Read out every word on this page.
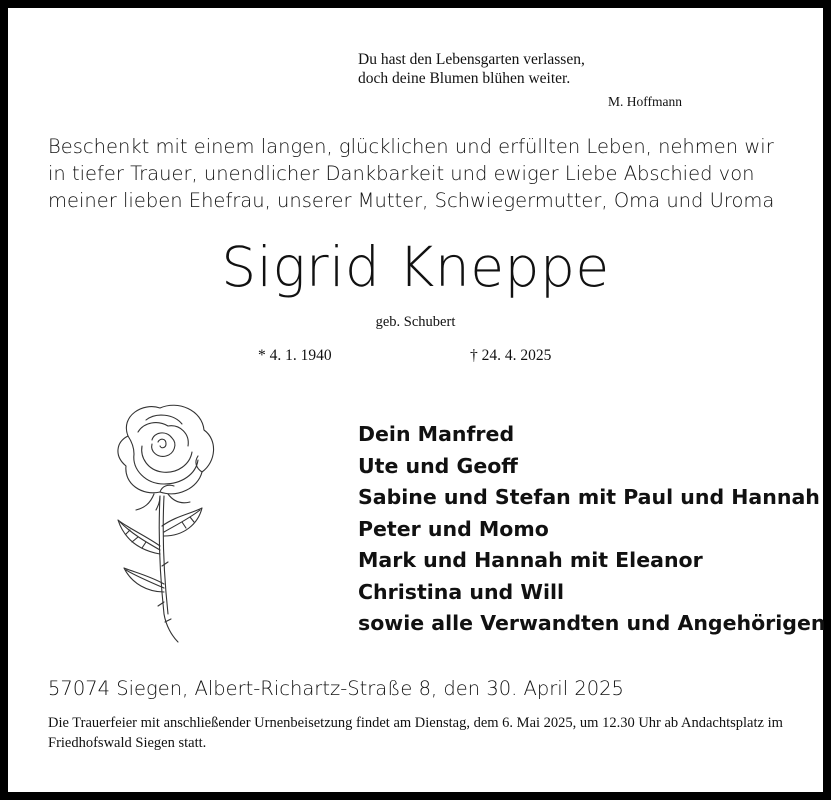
Du hast den Lebensgarten verlassen,
doch deine Blumen blühen weiter.
M. Hoffmann
Beschenkt mit einem langen, glücklichen und erfüllten Leben, nehmen wir in tiefer Trauer, unendlicher Dankbarkeit und ewiger Liebe Abschied von meiner lieben Ehefrau, unserer Mutter, Schwiegermutter, Oma und Uroma
Sigrid Kneppe
geb. Schubert
* 4. 1. 1940	† 24. 4. 2025
Dein Manfred
Ute und Geoff
Sabine und Stefan mit Paul und Hannah
Peter und Momo
Mark und Hannah mit Eleanor
Christina und Will
sowie alle Verwandten und Angehörigen
57074 Siegen, Albert-Richartz-Straße 8, den 30. April 2025
Die Trauerfeier mit anschließender Urnenbeisetzung findet am Dienstag, dem 6. Mai 2025, um 12.30 Uhr ab Andachtsplatz im Friedhofswald Siegen statt.
